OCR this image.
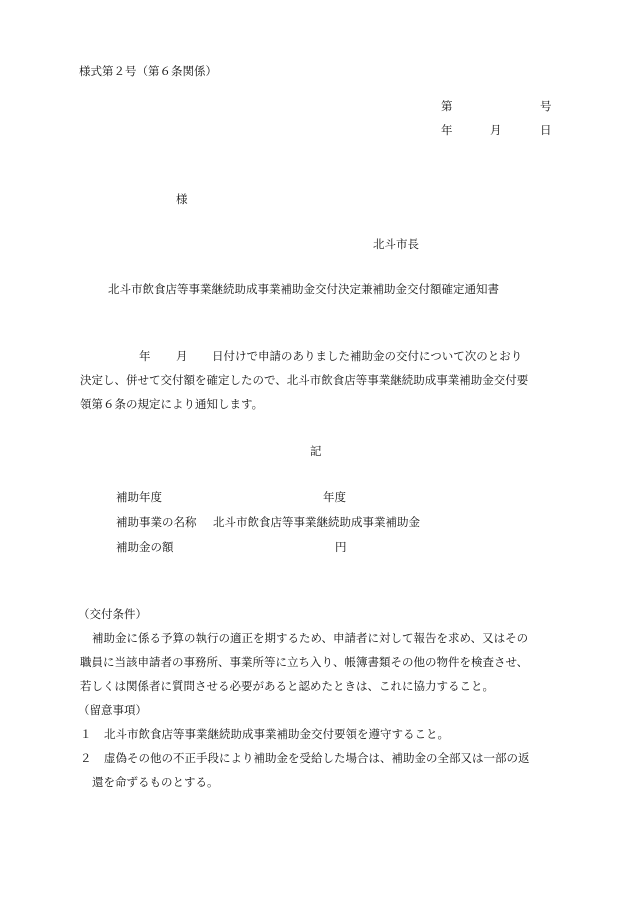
様式第２号（第６条関係）
第	号
年	月	日
様
北斗市長
北斗市飲食店等事業継続助成事業補助金交付決定兼補助金交付額確定通知書
年 月 日付けで申請のありました補助金の交付について次のとおり
決定し、併せて交付額を確定したので、北斗市飲食店等事業継続助成事業補助金交付要
領第６条の規定により通知します。
記
補助年度	年度
補助事業の名称 北斗市飲食店等事業継続助成事業補助金
補助金の額	円
（交付条件）
補助金に係る予算の執行の適正を期するため、申請者に対して報告を求め、又はその
職員に当該申請者の事務所、事業所等に立ち入り、帳簿書類その他の物件を検査させ、
若しくは関係者に質問させる必要があると認めたときは、これに協力すること。
（留意事項）
１ 北斗市飲食店等事業継続助成事業補助金交付要領を遵守すること。
２ 虚偽その他の不正手段により補助金を受給した場合は、補助金の全部又は一部の返
還を命ずるものとする。
